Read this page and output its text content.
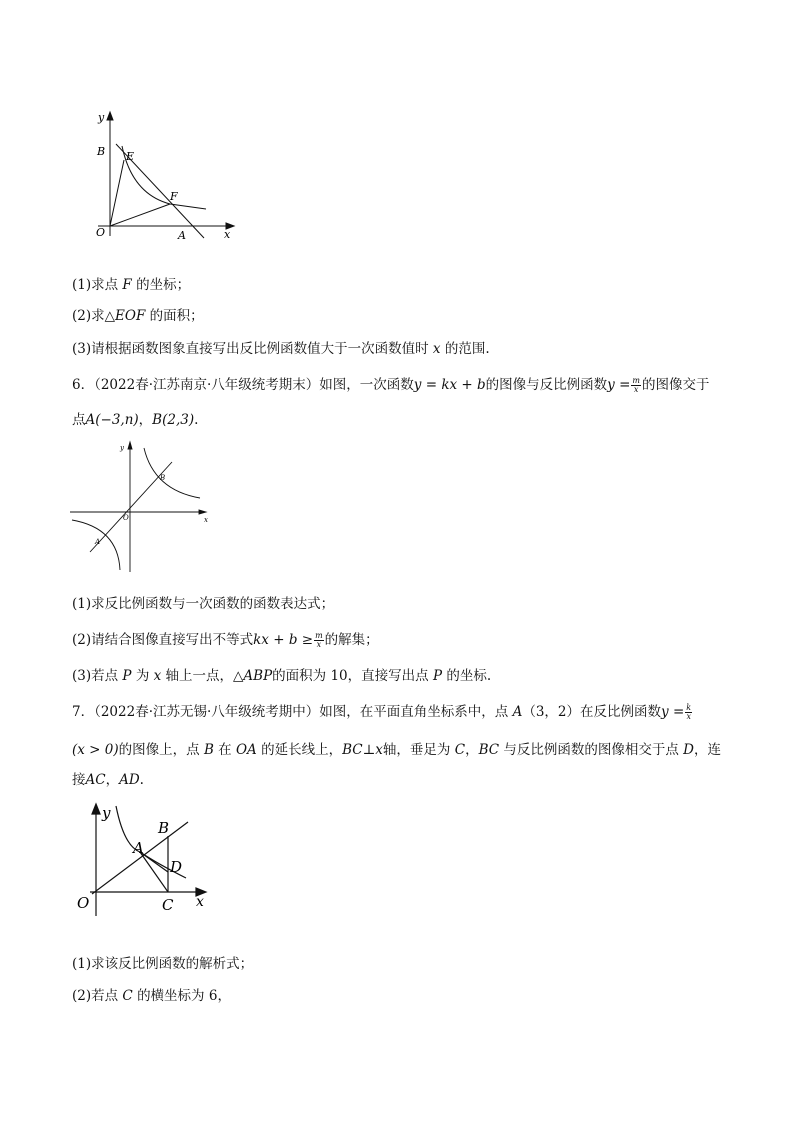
y
x
O	A
B E
F
(1)求点 F 的坐标；
(2)求△EOF 的面积；
(3)请根据函数图象直接写出反比例函数值大于一次函数值时 x 的范围.
6．（2022春·江苏南京·八年级统考期末）如图，一次函数y = kx + b的图像与反比例函数$y = \frac{m}{x}$ 的图像交于
点A(−3,n)，B(2,3).
y
x
O
A
B
(1)求反比例函数与一次函数的函数表达式；
(2)请结合图像直接写出不等式kx + $b \ge \frac{m}{x}$ 的解集；
(3)若点 P 为 x 轴上一点，△ABP的面积为 10，直接写出点 P 的坐标.
7．（2022春·江苏无锡·八年级统考期中）如图，在平面直角坐标系中，点 A（3，2）在反比例函数$y = \frac{k}{x}$
(x > 0)的图像上，点 B 在 OA 的延长线上，BC⊥x轴，垂足为 C，BC 与反比例函数的图像相交于点 D，连
接AC，AD.
y
x
O
A
B
C
D
(1)求该反比例函数的解析式；
(2)若点 C 的横坐标为 6，
